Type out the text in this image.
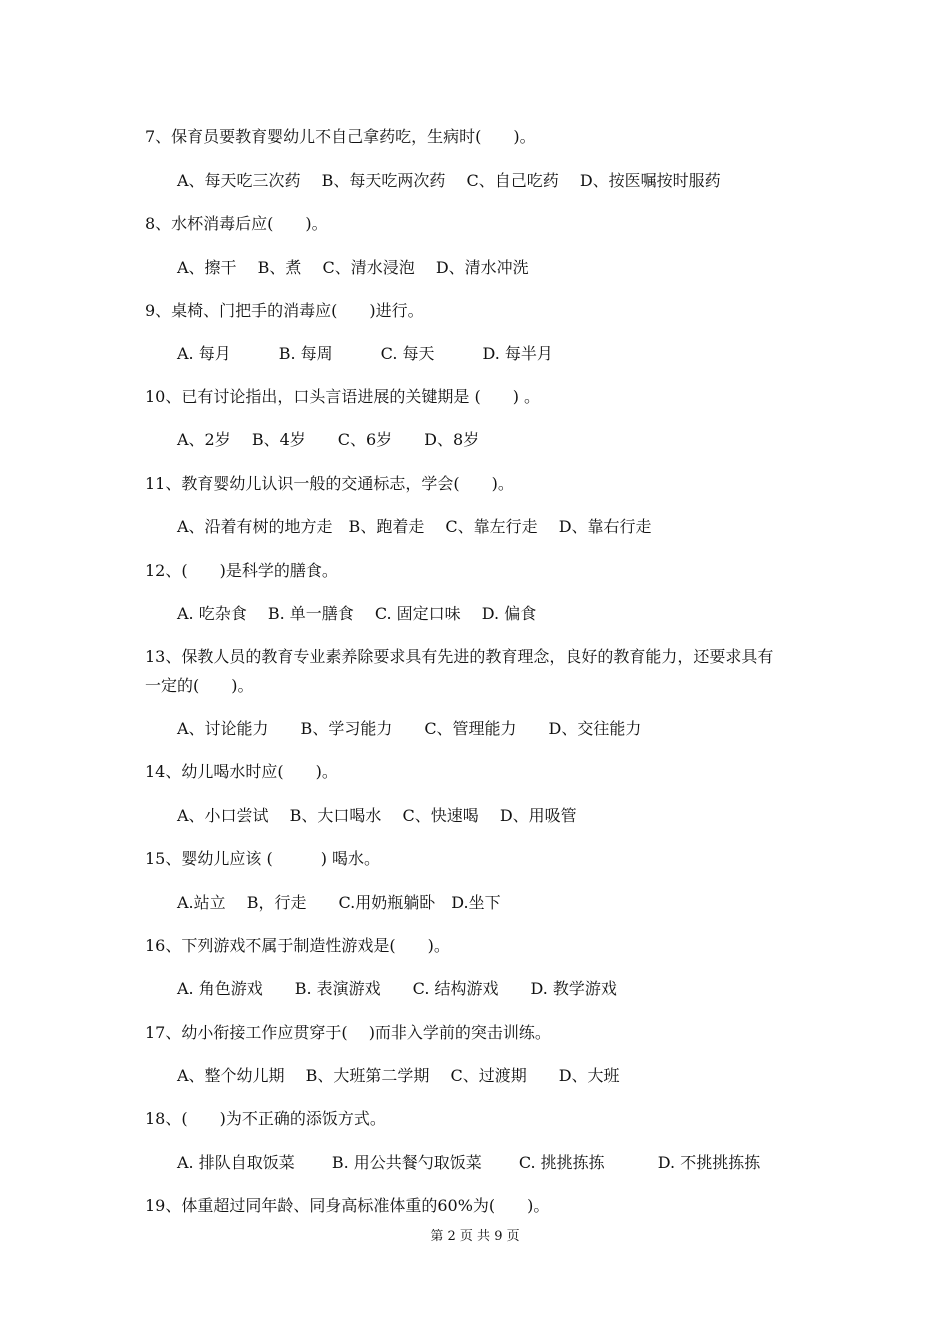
7、保育员要教育婴幼儿不自己拿药吃，生病时(　　)。
A、每天吃三次药　 B、每天吃两次药　 C、自己吃药　 D、按医嘱按时服药
8、水杯消毒后应(　　)。
A、擦干　 B、煮　 C、清水浸泡　 D、清水冲洗
9、桌椅、门把手的消毒应(　　)进行。
A. 每月　　　B. 每周　　　C. 每天　　　D. 每半月
10、已有讨论指出，口头言语进展的关键期是 (　　) 。
A、2岁　 B、4岁　　C、6岁　　D、8岁
11、教育婴幼儿认识一般的交通标志，学会(　　)。
A、沿着有树的地方走　B、跑着走　 C、靠左行走　 D、靠右行走
12、(　　)是科学的膳食。
A. 吃杂食　 B. 单一膳食　 C. 固定口味　 D. 偏食
13、保教人员的教育专业素养除要求具有先进的教育理念，良好的教育能力，还要求具有
一定的(　　)。
A、讨论能力　　B、学习能力　　C、管理能力　　D、交往能力
14、幼儿喝水时应(　　)。
A、小口尝试　 B、大口喝水　 C、快速喝　 D、用吸管
15、婴幼儿应该 (　　　) 喝水。
A.站立　 B，行走　　C.用奶瓶躺卧　D.坐下
16、下列游戏不属于制造性游戏是(　　)。
A. 角色游戏　　B. 表演游戏　　C. 结构游戏　　D. 教学游戏
17、幼小衔接工作应贯穿于(　 )而非入学前的突击训练。
A、整个幼儿期　 B、大班第二学期　 C、过渡期　　D、大班
18、(　　)为不正确的添饭方式。
A. 排队自取饭菜　　 B. 用公共餐勺取饭菜　　 C. 挑挑拣拣　　　 D. 不挑挑拣拣
19、体重超过同年龄、同身高标准体重的60%为(　　)。
第 2 页 共 9 页
